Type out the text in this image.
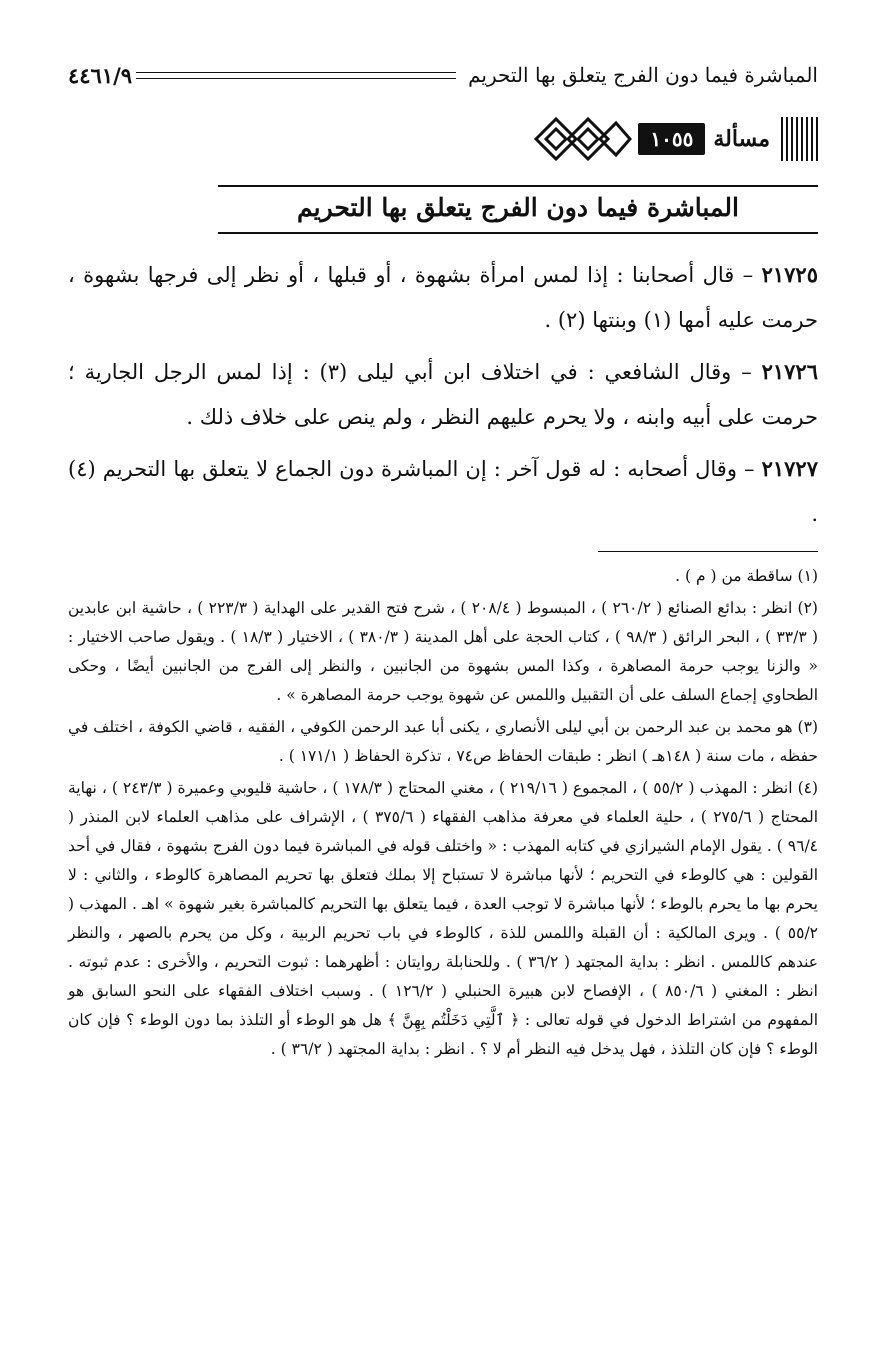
المباشرة فيما دون الفرج يتعلق بها التحريم
٤٤٦١/٩
مسألة
١٠٥٥
المباشرة فيما دون الفرج يتعلق بها التحريم

٢١٧٢٥ – قال أصحابنا : إذا لمس امرأة بشهوة ، أو قبلها ، أو نظر إلى فرجها بشهوة ، حرمت عليه أمها (١) وبنتها (٢) .

٢١٧٢٦ – وقال الشافعي : في اختلاف ابن أبي ليلى (٣) : إذا لمس الرجل الجارية ؛ حرمت على أبيه وابنه ، ولا يحرم عليهم النظر ، ولم ينص على خلاف ذلك .

٢١٧٢٧ – وقال أصحابه : له قول آخر : إن المباشرة دون الجماع لا يتعلق بها التحريم (٤) .

(١) ساقطة من ( م ) .

(٢) انظر : بدائع الصنائع ( ٢٦٠/٢ ) ، المبسوط ( ٢٠٨/٤ ) ، شرح فتح القدير على الهداية ( ٢٢٣/٣ ) ، حاشية ابن عابدين ( ٣٣/٣ ) ، البحر الرائق ( ٩٨/٣ ) ، كتاب الحجة على أهل المدينة ( ٣٨٠/٣ ) ، الاختيار ( ١٨/٣ ) . ويقول صاحب الاختيار : « والزنا يوجب حرمة المصاهرة ، وكذا المس بشهوة من الجانبين ، والنظر إلى الفرج من الجانبين أيضًا ، وحكى الطحاوي إجماع السلف على أن التقبيل واللمس عن شهوة يوجب حرمة المصاهرة » .

(٣) هو محمد بن عبد الرحمن بن أبي ليلى الأنصاري ، يكنى أبا عبد الرحمن الكوفي ، الفقيه ، قاضي الكوفة ، اختلف في حفظه ، مات سنة ( ١٤٨هـ ) انظر : طبقات الحفاظ ص٧٤ ، تذكرة الحفاظ ( ١٧١/١ ) .

(٤) انظر : المهذب ( ٥٥/٢ ) ، المجموع ( ٢١٩/١٦ ) ، مغني المحتاج ( ١٧٨/٣ ) ، حاشية قليوبي وعميرة ( ٢٤٣/٣ ) ، نهاية المحتاج ( ٢٧٥/٦ ) ، حلية العلماء في معرفة مذاهب الفقهاء ( ٣٧٥/٦ ) ، الإشراف على مذاهب العلماء لابن المنذر ( ٩٦/٤ ) . يقول الإمام الشيرازي في كتابه المهذب : « واختلف قوله في المباشرة فيما دون الفرج بشهوة ، فقال في أحد القولين : هي كالوطء في التحريم ؛ لأنها مباشرة لا تستباح إلا بملك فتعلق بها تحريم المصاهرة كالوطء ، والثاني : لا يحرم بها ما يحرم بالوطء ؛ لأنها مباشرة لا توجب العدة ، فيما يتعلق بها التحريم كالمباشرة بغير شهوة » اهـ . المهذب ( ٥٥/٢ ) . ويرى المالكية : أن القبلة واللمس للذة ، كالوطء في باب تحريم الربية ، وكل من يحرم بالصهر ، والنظر عندهم كاللمس . انظر : بداية المجتهد ( ٣٦/٢ ) . وللحنابلة روايتان : أظهرهما : ثبوت التحريم ، والأخرى : عدم ثبوته . انظر : المغني ( ٨٥٠/٦ ) ، الإفصاح لابن هبيرة الحنبلي ( ١٢٦/٢ ) . وسبب اختلاف الفقهاء على النحو السابق هو المفهوم من اشتراط الدخول في قوله تعالى : ﴿ ٱلَّتِي دَخَلْتُم بِهِنَّ ﴾ هل هو الوطء أو التلذذ بما دون الوطء ؟ فإن كان الوطء ؟ فإن كان التلذذ ، فهل يدخل فيه النظر أم لا ؟ . انظر : بداية المجتهد ( ٣٦/٢ ) .
